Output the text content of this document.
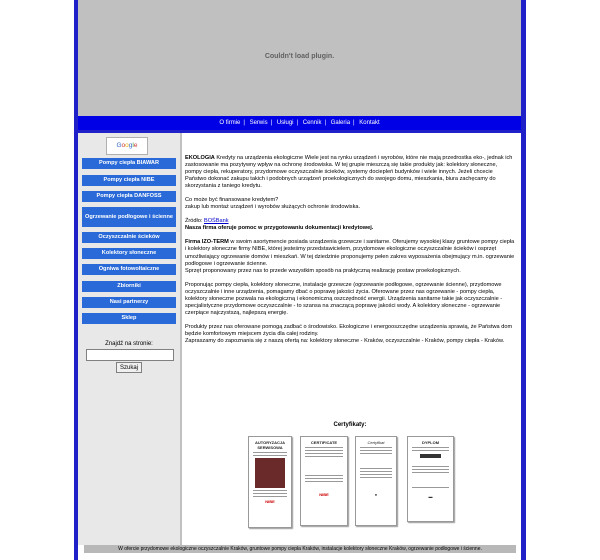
Couldn't load plugin.
O firmie | Serwis | Usługi | Cennik | Galeria | Kontakt
Google
Pompy ciepła BIAWAR
Pompy ciepła NIBE
Pompy ciepła DANFOSS
Ogrzewanie podłogowe i ścienne
Oczyszczalnie ścieków
Kolektory słoneczne
Ogniwa fotowoltaiczne
Zbiorniki
Nasi partnerzy
Sklep
Znajdź na stronie:
Szukaj

EKOLOGIA Kredyty na urządzenia ekologiczne Wiele jest na rynku urządzeń i wyrobów, które nie mają przedrostka eko-, jednak ich zastosowanie ma pozytywny wpływ na ochronę środowiska. W tej grupie mieszczą się takie produkty jak: kolektory słoneczne, pompy ciepła, rekuperatory, przydomowe oczyszczalnie ścieków, systemy dociepleń budynków i wiele innych. Jeżeli chcecie Państwo dokonać zakupu takich i podobnych urządzeń proekologicznych do swojego domu, mieszkania, biura zachęcamy do skorzystania z taniego kredytu.

Co może być finansowane kredytem?
zakup lub montaż urządzeń i wyrobów służących ochronie środowiska.

Źródło: BOŚBank
Nasza firma oferuje pomoc w przygotowaniu dokumentacji kredytowej.

Firma IZO-TERM w swoim asortymencie posiada urządzenia grzewcze i sanitarne. Oferujemy wysokiej klasy gruntowe pompy ciepła i kolektory słoneczne firmy NIBE, której jesteśmy przedstawicielem, przydomowe ekologiczne oczyszczalnie ścieków i osprzęt umożliwiający ogrzewanie domów i mieszkań. W tej dziedzinie proponujemy pełen zakres wyposażenia obejmujący m.in. ogrzewanie podłogowe i ogrzewanie ścienne.
Sprzęt proponowany przez nas to przede wszystkim sposób na praktyczną realizację postaw proekologicznych.

Proponując pompy ciepła, kolektory słoneczne, instalacje grzewcze (ogrzewanie podłogowe, ogrzewanie ścienne), przydomowe oczyszczalnie i inne urządzenia, pomagamy dbać o poprawę jakości życia. Oferowane przez nas ogrzewanie - pompy ciepła, kolektory słoneczne pozwala na ekologiczną i ekonomiczną oszczędność energii. Urządzenia sanitarne takie jak oczyszczalnie - specjalistyczne przydomowe oczyszczalnie - to szansa na znaczącą poprawę jakości wody. A kolektory słoneczne - ogrzewanie czerpiące najczystszą, najlepszą energię.

Produkty przez nas oferowane pomogą zadbać o środowisko. Ekologiczne i energooszczędne urządzenia sprawią, że Państwa dom będzie komfortowym miejscem życia dla całej rodziny.
Zapraszamy do zapoznania się z naszą ofertą na: kolektory słoneczne - Kraków, oczyszczalnie - Kraków, pompy ciepła - Kraków.

Certyfikaty:
AUTORYZACJA SERWISOWA
NIBE
CERTIFICATE
NIBE
Certyfikat
●
DYPLOM
▬
W ofercie przydomowe ekologiczne oczyszczalnie Kraków, gruntowe pompy ciepła Kraków, instalacje kolektory słoneczne Kraków, ogrzewanie podłogowe i ścienne.
